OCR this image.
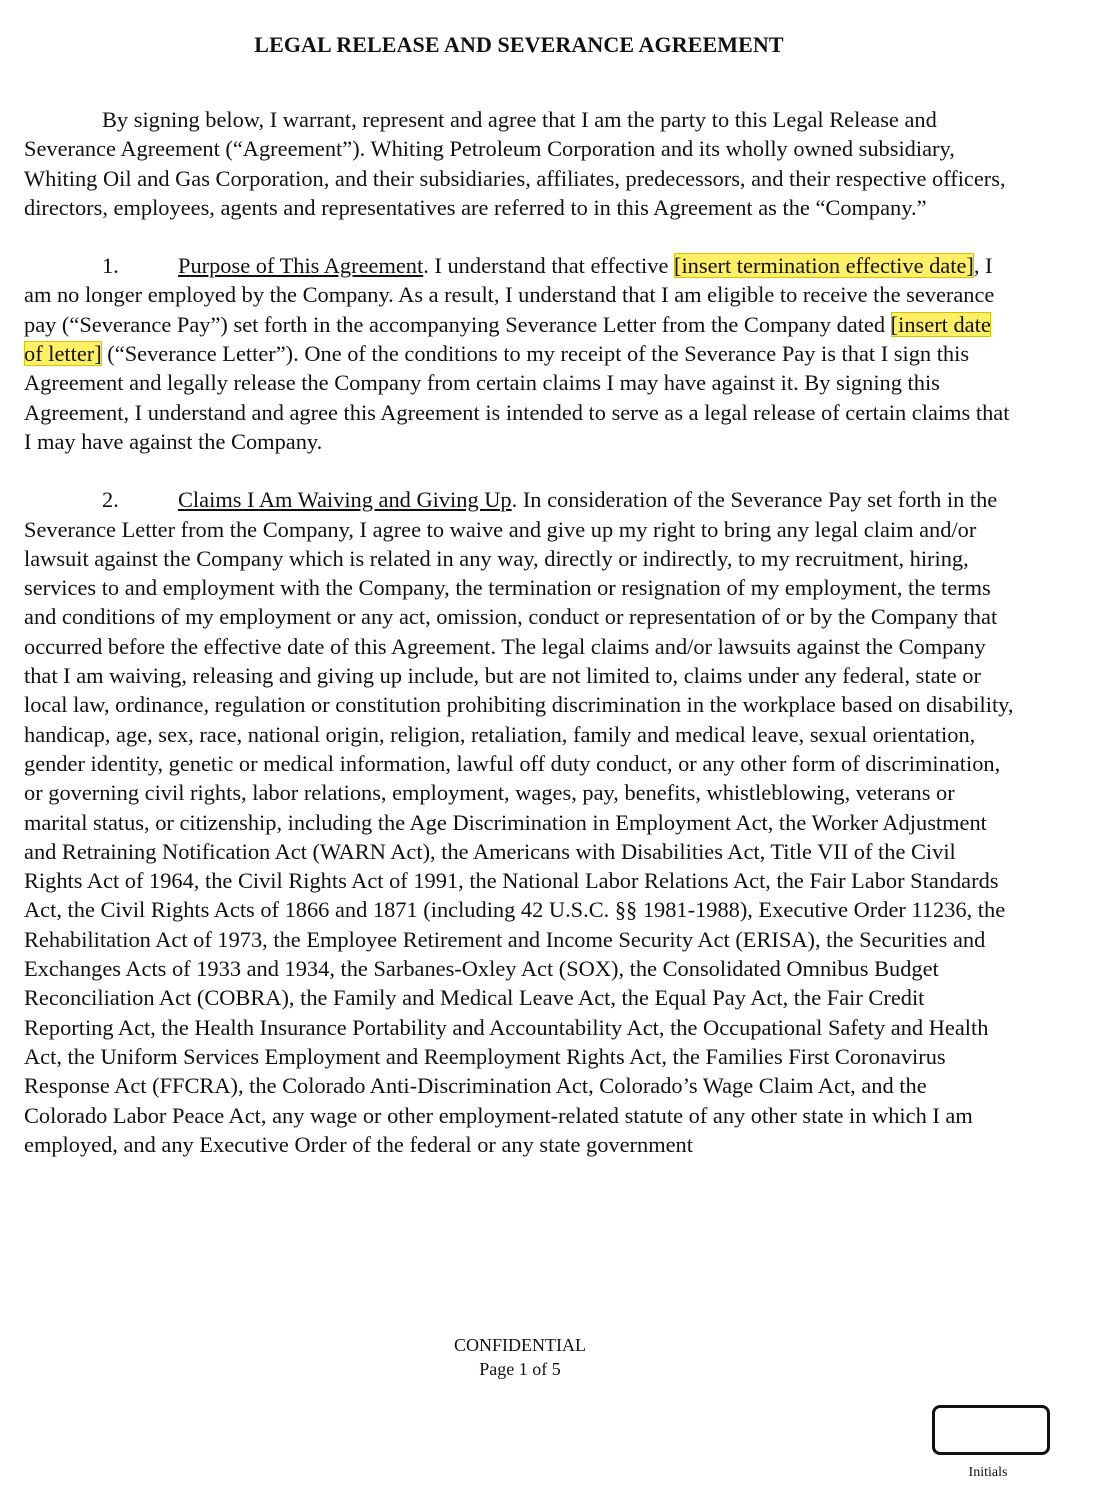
LEGAL RELEASE AND SEVERANCE AGREEMENT

By signing below, I warrant, represent and agree that I am the party to this Legal Release and Severance Agreement (“Agreement”). Whiting Petroleum Corporation and its wholly owned subsidiary, Whiting Oil and Gas Corporation, and their subsidiaries, affiliates, predecessors, and their respective officers, directors, employees, agents and representatives are referred to in this Agreement as the “Company.”

1.	Purpose of This Agreement. I understand that effective [insert termination effective date], I am no longer employed by the Company. As a result, I understand that I am eligible to receive the severance pay (“Severance Pay”) set forth in the accompanying Severance Letter from the Company dated [insert date of letter] (“Severance Letter”). One of the conditions to my receipt of the Severance Pay is that I sign this Agreement and legally release the Company from certain claims I may have against it. By signing this Agreement, I understand and agree this Agreement is intended to serve as a legal release of certain claims that I may have against the Company.

2.	Claims I Am Waiving and Giving Up. In consideration of the Severance Pay set forth in the Severance Letter from the Company, I agree to waive and give up my right to bring any legal claim and/or lawsuit against the Company which is related in any way, directly or indirectly, to my recruitment, hiring, services to and employment with the Company, the termination or resignation of my employment, the terms and conditions of my employment or any act, omission, conduct or representation of or by the Company that occurred before the effective date of this Agreement. The legal claims and/or lawsuits against the Company that I am waiving, releasing and giving up include, but are not limited to, claims under any federal, state or local law, ordinance, regulation or constitution prohibiting discrimination in the workplace based on disability, handicap, age, sex, race, national origin, religion, retaliation, family and medical leave, sexual orientation, gender identity, genetic or medical information, lawful off duty conduct, or any other form of discrimination, or governing civil rights, labor relations, employment, wages, pay, benefits, whistleblowing, veterans or marital status, or citizenship, including the Age Discrimination in Employment Act, the Worker Adjustment and Retraining Notification Act (WARN Act), the Americans with Disabilities Act, Title VII of the Civil Rights Act of 1964, the Civil Rights Act of 1991, the National Labor Relations Act, the Fair Labor Standards Act, the Civil Rights Acts of 1866 and 1871 (including 42 U.S.C. §§ 1981-1988), Executive Order 11236, the Rehabilitation Act of 1973, the Employee Retirement and Income Security Act (ERISA), the Securities and Exchanges Acts of 1933 and 1934, the Sarbanes-Oxley Act (SOX), the Consolidated Omnibus Budget Reconciliation Act (COBRA), the Family and Medical Leave Act, the Equal Pay Act, the Fair Credit Reporting Act, the Health Insurance Portability and Accountability Act, the Occupational Safety and Health Act, the Uniform Services Employment and Reemployment Rights Act, the Families First Coronavirus Response Act (FFCRA), the Colorado Anti-Discrimination Act, Colorado’s Wage Claim Act, and the Colorado Labor Peace Act, any wage or other employment-related statute of any other state in which I am employed, and any Executive Order of the federal or any state government

CONFIDENTIAL
Page 1 of 5
Initials
